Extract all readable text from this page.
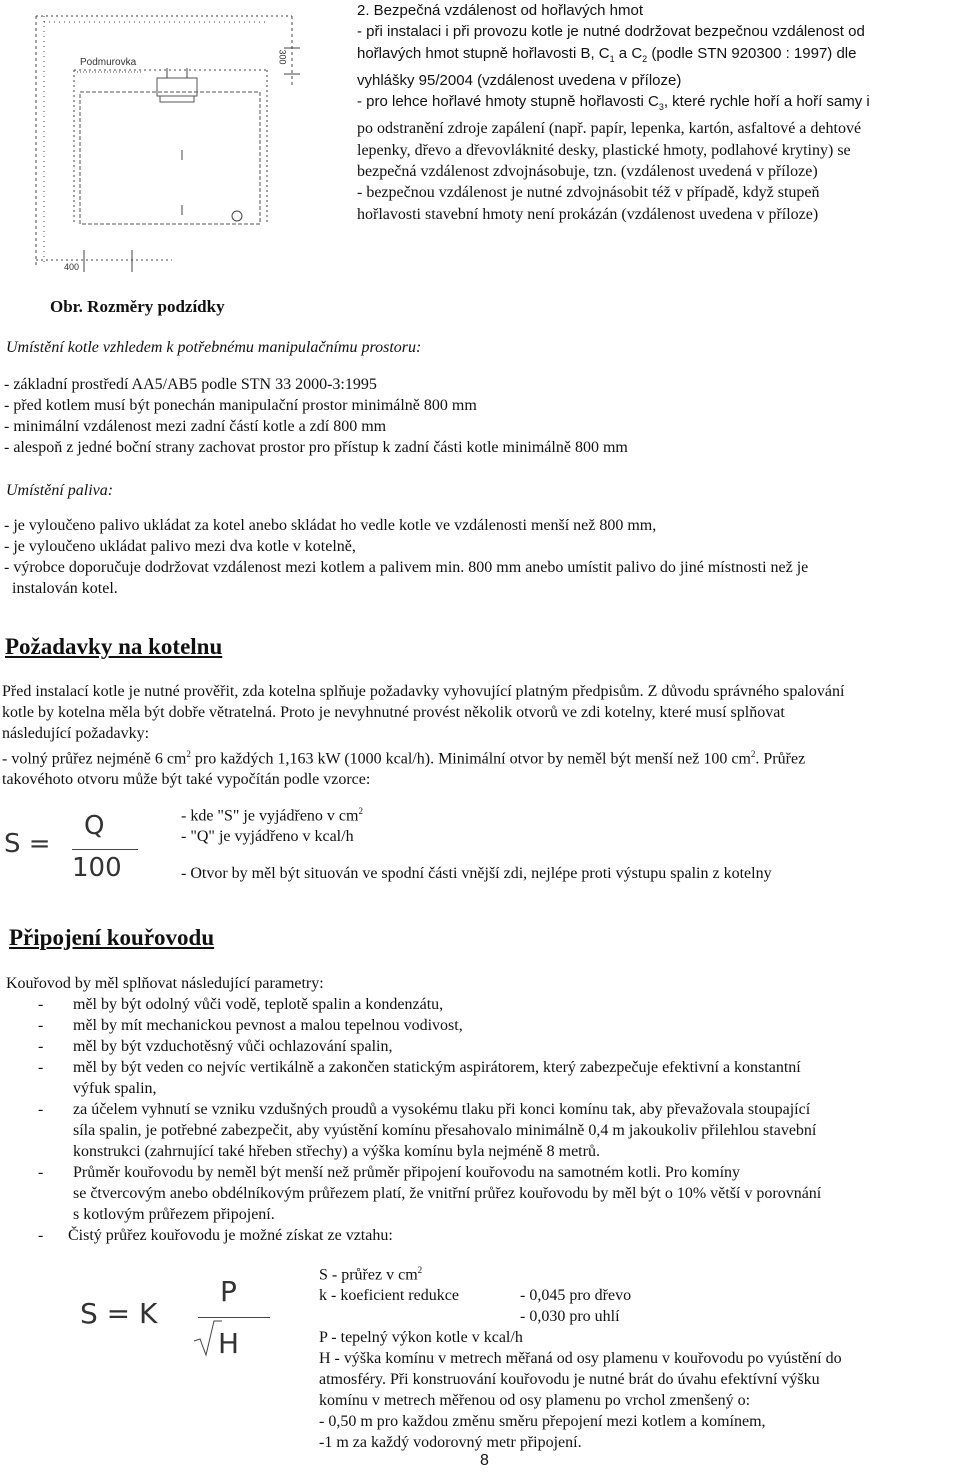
Podmurovka	300
400
Obr. Rozměry podzídky
2. Bezpečná vzdálenost od hořlavých hmot
- při instalaci i při provozu kotle je nutné dodržovat bezpečnou vzdálenost od
hořlavých hmot stupně hořlavosti B, $C_1$ a $C_2$ (podle STN 920300 : 1997) dle
vyhlášky 95/2004 (vzdálenost uvedena v příloze)
- pro lehce hořlavé hmoty stupně hořlavosti $C_3$, které rychle hoří a hoří samy i
po odstranění zdroje zapálení (např. papír, lepenka, kartón, asfaltové a dehtové
lepenky, dřevo a dřevovláknité desky, plastické hmoty, podlahové krytiny) se
bezpečná vzdálenost zdvojnásobuje, tzn. (vzdálenost uvedená v příloze)
- bezpečnou vzdálenost je nutné zdvojnásobit též v případě, když stupeň
hořlavosti stavební hmoty není prokázán (vzdálenost uvedena v příloze)
Umístění kotle vzhledem k potřebnému manipulačnímu prostoru:
- základní prostředí AA5/AB5 podle STN 33 2000-3:1995
- před kotlem musí být ponechán manipulační prostor minimálně 800 mm
- minimální vzdálenost mezi zadní částí kotle a zdí 800 mm
- alespoň z jedné boční strany zachovat prostor pro přístup k zadní části kotle minimálně 800 mm
Umístění paliva:
- je vyloučeno palivo ukládat za kotel anebo skládat ho vedle kotle ve vzdálenosti menší než 800 mm,
- je vyloučeno ukládat palivo mezi dva kotle v kotelně,
- výrobce doporučuje dodržovat vzdálenost mezi kotlem a palivem min. 800 mm anebo umístit palivo do jiné místnosti než je
instalován kotel.
Požadavky na kotelnu
Před instalací kotle je nutné prověřit, zda kotelna splňuje požadavky vyhovující platným předpisům. Z důvodu správného spalování
kotle by kotelna měla být dobře větratelná. Proto je nevyhnutné provést několik otvorů ve zdi kotelny, které musí splňovat
následující požadavky:
- volný průřez nejméně 6 $cm^2$ pro každých 1,163 kW (1000 kcal/h). Minimální otvor by neměl být menší než 100 $cm^2$. Průřez
takovéhoto otvoru může být také vypočítán podle vzorce:
S =
Q
100
- kde "S" je vyjádřeno v $cm^2$
- "Q" je vyjádřeno v kcal/h
- Otvor by měl být situován ve spodní části vnější zdi, nejlépe proti výstupu spalin z kotelny
Připojení kouřovodu
Kouřovod by měl splňovat následující parametry:
-	měl by být odolný vůči vodě, teplotě spalin a kondenzátu,
-	měl by mít mechanickou pevnost a malou tepelnou vodivost,
-	měl by být vzduchotěsný vůči ochlazování spalin,
-	měl by být veden co nejvíc vertikálně a zakončen statickým aspirátorem, který zabezpečuje efektivní a konstantní
výfuk spalin,
-	za účelem vyhnutí se vzniku vzdušných proudů a vysokému tlaku při konci komínu tak, aby převažovala stoupající
síla spalin, je potřebné zabezpečit, aby vyústění komínu přesahovalo minimálně 0,4 m jakoukoliv přilehlou stavební
konstrukci (zahrnující také hřeben střechy) a výška komínu byla nejméně 8 metrů.
-	Průměr kouřovodu by neměl být menší než průměr připojení kouřovodu na samotném kotli. Pro komíny
se čtvercovým anebo obdélníkovým průřezem platí, že vnitřní průřez kouřovodu by měl být o 10% větší v porovnání
s kotlovým průřezem připojení.
-	Čistý průřez kouřovodu je možné získat ze vztahu:
S = K
P
H
S - průřez v $cm^2$
k - koeficient redukce	- 0,045 pro dřevo
- 0,030 pro uhlí
P - tepelný výkon kotle v kcal/h
H - výška komínu v metrech měřaná od osy plamenu v kouřovodu po vyústění do
atmosféry. Při konstruování kouřovodu je nutné brát do úvahu efektívní výšku
komínu v metrech měřenou od osy plamenu po vrchol zmenšený o:
- 0,50 m pro každou změnu směru přepojení mezi kotlem a komínem,
-1 m za každý vodorovný metr připojení.
8
